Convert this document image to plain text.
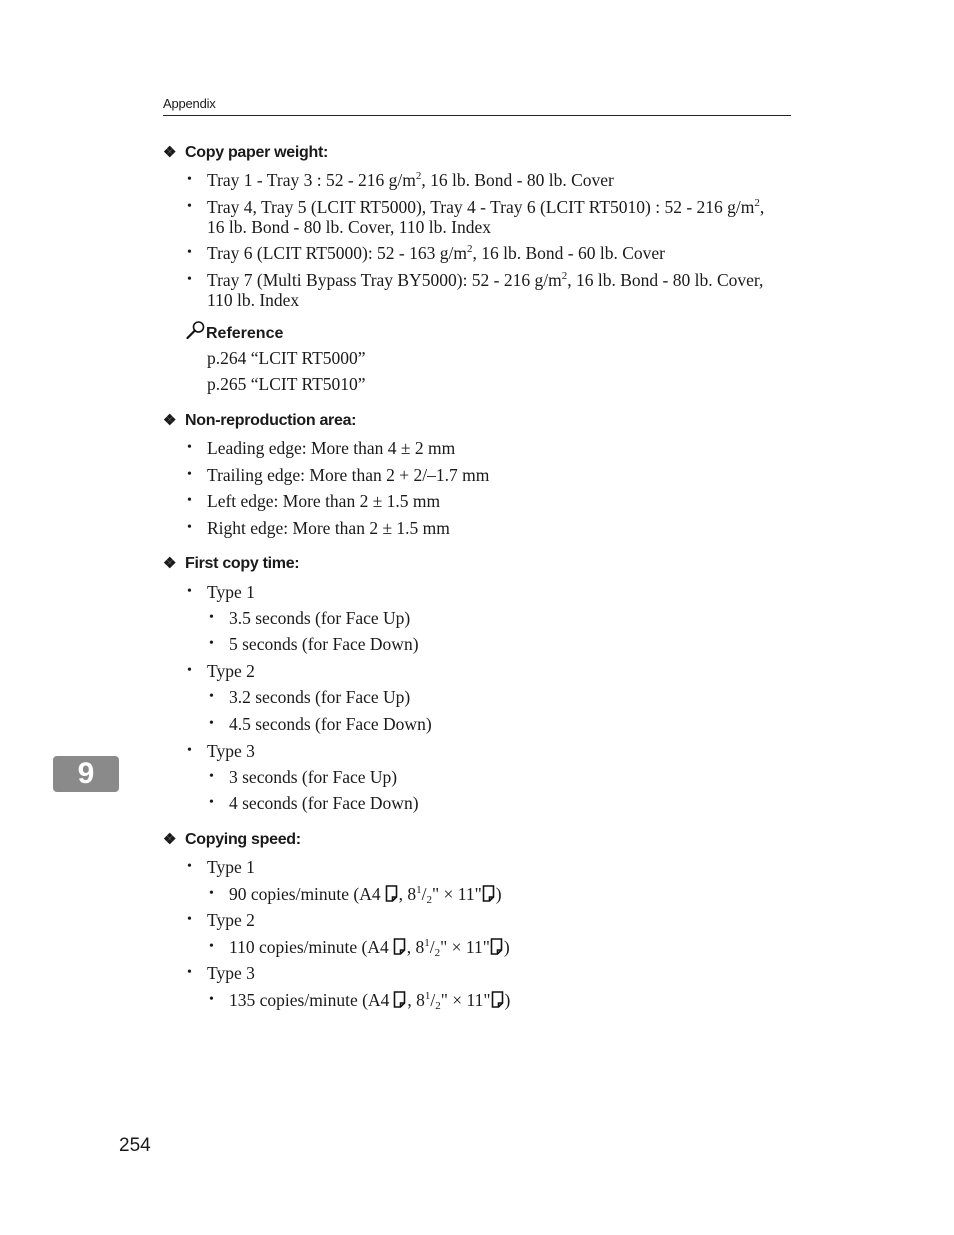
Appendix
❖ Copy paper weight:
• Tray 1 - Tray 3 : 52 - 216 $g/m^2$, 16 lb. Bond - 80 lb. Cover
• Tray 4, Tray 5 (LCIT RT5000), Tray 4 - Tray 6 (LCIT RT5010) : 52 - 216 $g/m^2$,
16 lb. Bond - 80 lb. Cover, 110 lb. Index
• Tray 6 (LCIT RT5000): 52 - 163 $g/m^2$, 16 lb. Bond - 60 lb. Cover
• Tray 7 (Multi Bypass Tray BY5000): 52 - 216 $g/m^2$, 16 lb. Bond - 80 lb. Cover,
110 lb. Index
Reference
p.264 “LCIT RT5000”
p.265 “LCIT RT5010”
❖ Non-reproduction area:
• Leading edge: More than 4 ± 2 mm
• Trailing edge: More than 2 + 2/–1.7 mm
• Left edge: More than 2 ± 1.5 mm
• Right edge: More than 2 ± 1.5 mm
❖ First copy time:
• Type 1
• 3.5 seconds (for Face Up)
• 5 seconds (for Face Down)
• Type 2
• 3.2 seconds (for Face Up)
• 4.5 seconds (for Face Down)
• Type 3
• 3 seconds (for Face Up)
• 4 seconds (for Face Down)
9
❖ Copying speed:
• Type 1
• 90 copies/minute (A4 , $8^1/_2$" × 11" )
• Type 2
• 110 copies/minute (A4 , $8^1/_2$" × 11" )
• Type 3
• 135 copies/minute (A4 , $8^1/_2$" × 11" )
254
